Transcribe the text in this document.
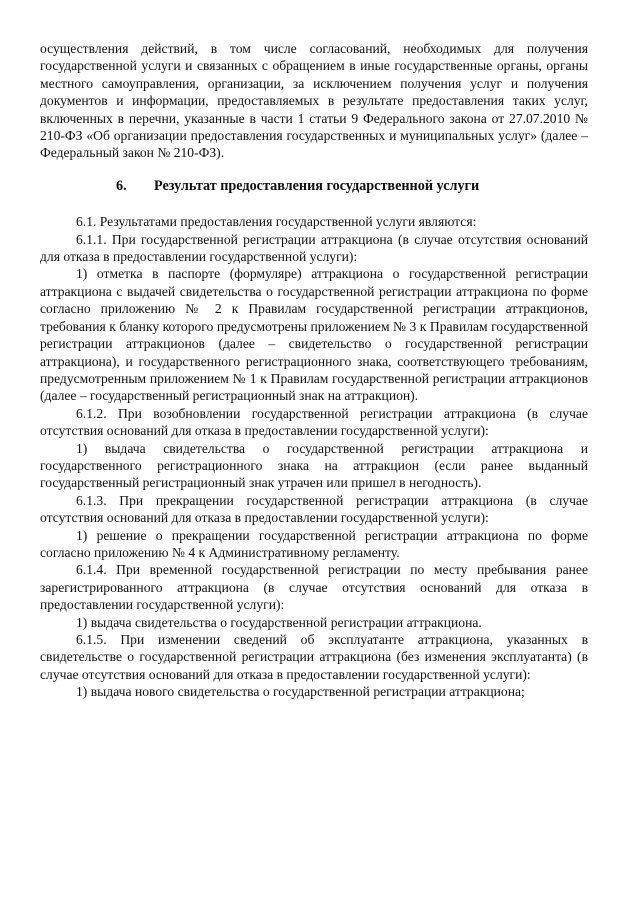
осуществления действий, в том числе согласований, необходимых для получения государственной услуги и связанных с обращением в иные государственные органы, органы местного самоуправления, организации, за исключением получения услуг и получения документов и информации, предоставляемых в результате предоставления таких услуг, включенных в перечни, указанные в части 1 статьи 9 Федерального закона от 27.07.2010 № 210-ФЗ «Об организации предоставления государственных и муниципальных услуг» (далее – Федеральный закон № 210-ФЗ).

6. Результат предоставления государственной услуги

6.1. Результатами предоставления государственной услуги являются:

6.1.1. При государственной регистрации аттракциона (в случае отсутствия оснований для отказа в предоставлении государственной услуги):

1) отметка в паспорте (формуляре) аттракциона о государственной регистрации аттракциона с выдачей свидетельства о государственной регистрации аттракциона по форме согласно приложению № 2 к Правилам государственной регистрации аттракционов, требования к бланку которого предусмотрены приложением № 3 к Правилам государственной регистрации аттракционов (далее – свидетельство о государственной регистрации аттракциона), и государственного регистрационного знака, соответствующего требованиям, предусмотренным приложением № 1 к Правилам государственной регистрации аттракционов (далее – государственный регистрационный знак на аттракцион).

6.1.2. При возобновлении государственной регистрации аттракциона (в случае отсутствия оснований для отказа в предоставлении государственной услуги):

1) выдача свидетельства о государственной регистрации аттракциона и государственного регистрационного знака на аттракцион (если ранее выданный государственный регистрационный знак утрачен или пришел в негодность).

6.1.3. При прекращении государственной регистрации аттракциона (в случае отсутствия оснований для отказа в предоставлении государственной услуги):

1) решение о прекращении государственной регистрации аттракциона по форме согласно приложению № 4 к Административному регламенту.

6.1.4. При временной государственной регистрации по месту пребывания ранее зарегистрированного аттракциона (в случае отсутствия оснований для отказа в предоставлении государственной услуги):

1) выдача свидетельства о государственной регистрации аттракциона.

6.1.5. При изменении сведений об эксплуатанте аттракциона, указанных в свидетельстве о государственной регистрации аттракциона (без изменения эксплуатанта) (в случае отсутствия оснований для отказа в предоставлении государственной услуги):

1) выдача нового свидетельства о государственной регистрации аттракциона;
